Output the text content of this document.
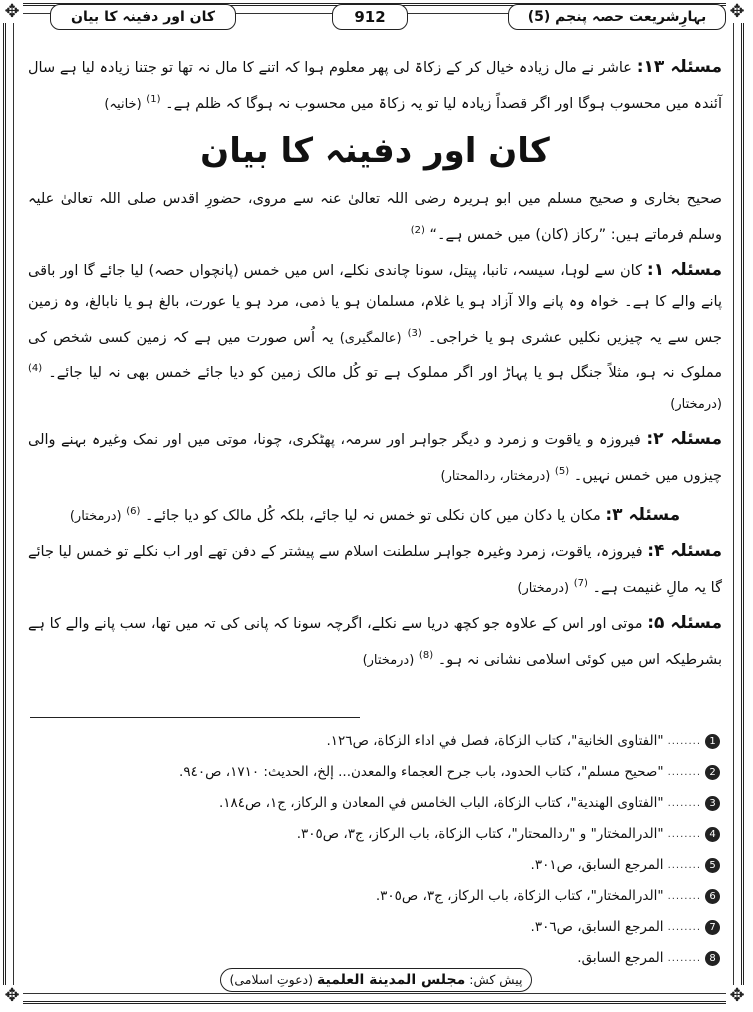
✥	✥
✥	✥
بہارِشریعت حصہ پنجم (5)
912
کان اور دفینہ کا بیان

مسئلہ ۱۳: عاشر نے مال زیادہ خیال کر کے زکاۃ لی پھر معلوم ہوا کہ اتنے کا مال نہ تھا تو جتنا زیادہ لیا ہے سال آئندہ میں محسوب ہوگا اور اگر قصداً زیادہ لیا تو یہ زکاۃ میں محسوب نہ ہوگا کہ ظلم ہے۔ $^{(1)}$ (خانیہ)

کان اور دفینہ کا بیان

صحیح بخاری و صحیح مسلم میں ابو ہریرہ رضی اللہ تعالیٰ عنہ سے مروی، حضورِ اقدس صلی اللہ تعالیٰ علیہ وسلم فرماتے ہیں: ”رکاز (کان) میں خمس ہے۔“ $^{(2)}$

مسئلہ ۱: کان سے لوہا، سیسہ، تانبا، پیتل، سونا چاندی نکلے، اس میں خمس (پانچواں حصہ) لیا جائے گا اور باقی پانے والے کا ہے۔ خواہ وہ پانے والا آزاد ہو یا غلام، مسلمان ہو یا ذمی، مرد ہو یا عورت، بالغ ہو یا نابالغ، وہ زمین جس سے یہ چیزیں نکلیں عشری ہو یا خراجی۔ $^{(3)}$ (عالمگیری) یہ اُس صورت میں ہے کہ زمین کسی شخص کی مملوک نہ ہو، مثلاً جنگل ہو یا پہاڑ اور اگر مملوک ہے تو کُل مالک زمین کو دیا جائے خمس بھی نہ لیا جائے۔ $^{(4)}$ (درمختار)

مسئلہ ۲: فیروزہ و یاقوت و زمرد و دیگر جواہر اور سرمہ، پھٹکری، چونا، موتی میں اور نمک وغیرہ بہنے والی چیزوں میں خمس نہیں۔ $^{(5)}$ (درمختار، ردالمحتار)

مسئلہ ۳: مکان یا دکان میں کان نکلی تو خمس نہ لیا جائے، بلکہ کُل مالک کو دیا جائے۔ $^{(6)}$ (درمختار)

مسئلہ ۴: فیروزہ، یاقوت، زمرد وغیرہ جواہر سلطنت اسلام سے پیشتر کے دفن تھے اور اب نکلے تو خمس لیا جائے گا یہ مالِ غنیمت ہے۔ $^{(7)}$ (درمختار)

مسئلہ ۵: موتی اور اس کے علاوہ جو کچھ دریا سے نکلے، اگرچہ سونا کہ پانی کی تہ میں تھا، سب پانے والے کا ہے بشرطیکہ اس میں کوئی اسلامی نشانی نہ ہو۔ $^{(8)}$ (درمختار)

1
........
"الفتاوى الخانية"، كتاب الزكاة، فصل في اداء الزكاة، ص١٢٦.
2
........
"صحيح مسلم"، كتاب الحدود، باب جرح العجماء والمعدن... إلخ، الحديث: ١٧١٠، ص٩٤٠.
3
........
"الفتاوى الهندية"، كتاب الزكاة، الباب الخامس في المعادن و الركاز، ج١، ص١٨٤.
4
........
"الدرالمختار" و "ردالمحتار"، كتاب الزكاة، باب الركاز، ج٣، ص٣٠٥.
5
........
المرجع السابق، ص٣٠١.
6
........
"الدرالمختار"، كتاب الزكاة، باب الركاز، ج٣، ص٣٠٥.
7
........
المرجع السابق، ص٣٠٦.
8
........
المرجع السابق.
پیش کش: مجلس المدينة العلمية (دعوتِ اسلامی)
